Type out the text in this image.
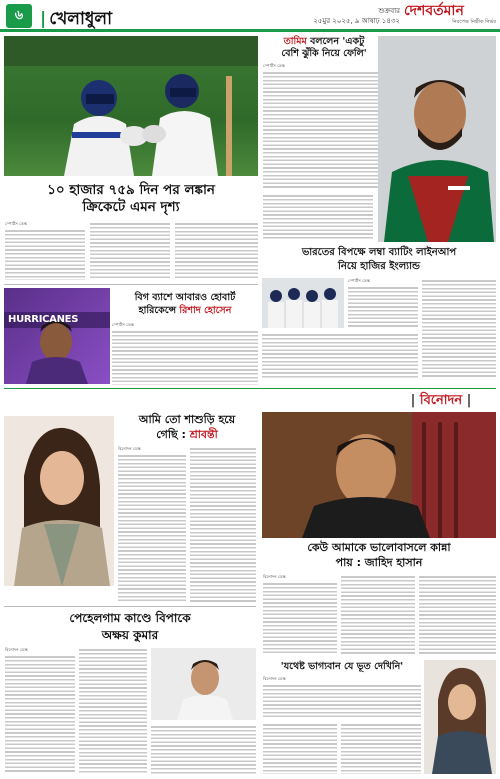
৬
|	খেলাধুলা	শুক্রবার
২৫মুর ২০২৫, ৯ আষাঢ় ১৪৩২
দেশবর্তমান
নিরপেক্ষ নির্ভীক নির্ভর
১০ হাজার ৭৫৯ দিন পর লঙ্কান
ক্রিকেটে এমন দৃশ্য
স্পোর্টস ডেস্ক
তামিম বললেন 'একটু
বেশি ঝুঁকি নিয়ে ফেলি'
স্পোর্টস ডেস্ক
HURRICANES
বিগ ব্যাশে আবারও হোবার্ট
হারিকেন্সে রিশাদ হোসেন
স্পোর্টস ডেস্ক
ভারতের বিপক্ষে লম্বা ব্যাটিং লাইনআপ
নিয়ে হাজির ইংল্যান্ড
স্পোর্টস ডেস্ক
| বিনোদন |
আমি তো শাশুড়ি হয়ে
গেছি : শ্রাবন্তী
বিনোদন ডেস্ক
কেউ আমাকে ভালোবাসলে কান্না
পায় : জাহিদ হাসান
বিনোদন ডেস্ক
পেহেলগাম কাণ্ডে বিপাকে
অক্ষয় কুমার
বিনোদন ডেস্ক
'যথেষ্ট ভাগ্যবান যে ভূত দেখিনি'
বিনোদন ডেস্ক
